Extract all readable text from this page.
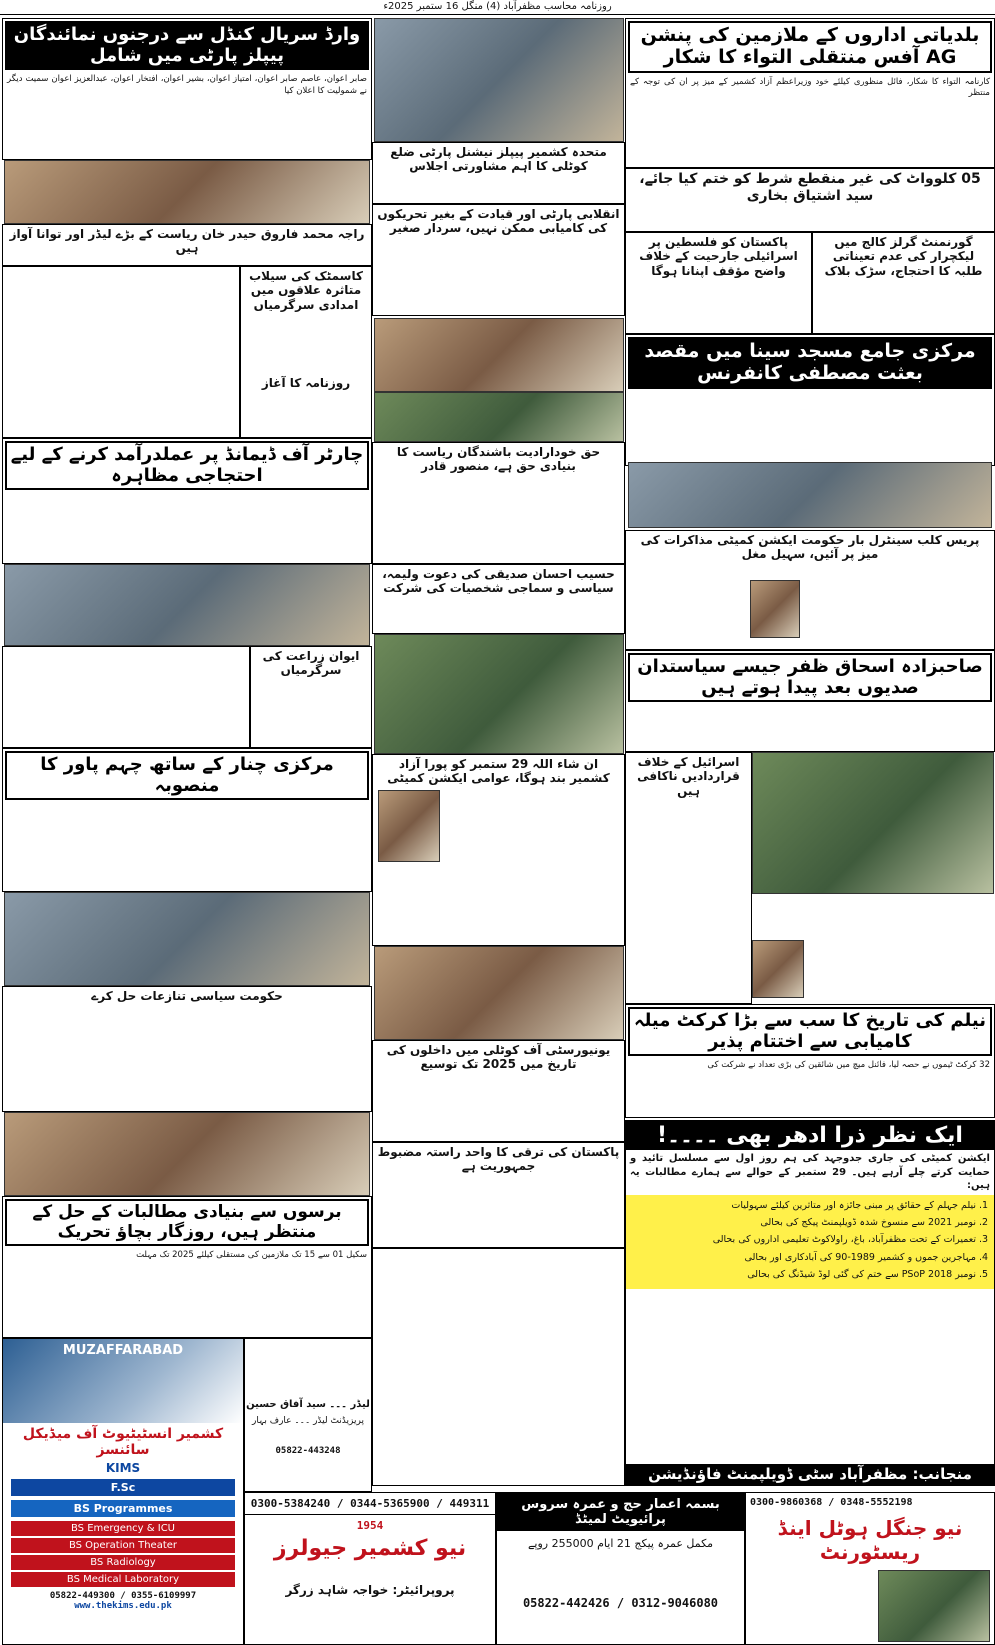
روزنامہ محاسب مظفرآباد (4) منگل 16 ستمبر 2025ء
بلدیاتی اداروں کے ملازمین کی پنشن AG آفس منتقلی التواء کا شکار
کارنامہ التواء کا شکار، فائل منظوری کیلئے خود وزیراعظم آزاد کشمیر کے میز پر ان کی توجہ کے منتظر
05 کلوواٹ کی غیر منقطع شرط کو ختم کیا جائے، سید اشتیاق بخاری
گورنمنٹ گرلز کالج میں لیکچرار کی عدم تعیناتی طلبہ کا احتجاج، سڑک بلاک
پاکستان کو فلسطین پر اسرائیلی جارحیت کے خلاف واضح مؤقف اپنانا ہوگا
مرکزی جامع مسجد سینا میں مقصد بعثت مصطفی کانفرنس
پریس کلب سینٹرل بار حکومت ایکشن کمیٹی مذاکرات کی میز پر آئیں، سہیل مغل
صاحبزادہ اسحاق ظفر جیسے سیاستدان صدیوں بعد پیدا ہوتے ہیں
اسرائیل کے خلاف قراردادیں ناکافی ہیں
نیلم کی تاریخ کا سب سے بڑا کرکٹ میلہ کامیابی سے اختتام پذیر
32 کرکٹ ٹیموں نے حصہ لیا، فائنل میچ میں شائقین کی بڑی تعداد نے شرکت کی
ایک نظر ذرا ادھر بھی ۔۔۔۔!
ایکشن کمیٹی کی جاری جدوجہد کی ہم روز اول سے مسلسل تائید و حمایت کرتے چلے آرہے ہیں۔ 29 ستمبر کے حوالے سے ہمارے مطالبات یہ ہیں:
1. نیلم جہلم کے حقائق پر مبنی جائزہ اور متاثرین کیلئے سہولیات
2. نومبر 2021 سے منسوخ شدہ ڈویلپمنٹ پیکج کی بحالی
3. تعمیرات کے تحت مظفرآباد، باغ، راولاکوٹ تعلیمی اداروں کی بحالی
4. مہاجرین جموں و کشمیر 1989-90 کی آبادکاری اور بحالی
5. نومبر 2018 PSoP سے ختم کی گئی لوڈ شیڈنگ کی بحالی
منجانب: مظفرآباد سٹی ڈویلپمنٹ فاؤنڈیشن
متحدہ کشمیر پیپلز نیشنل پارٹی ضلع کوٹلی کا اہم مشاورتی اجلاس
انقلابی پارٹی اور قیادت کے بغیر تحریکوں کی کامیابی ممکن نہیں، سردار صغیر
حق خودارادیت باشندگان ریاست کا بنیادی حق ہے، منصور قادر
حسیب احسان صدیقی کی دعوت ولیمہ، سیاسی و سماجی شخصیات کی شرکت
ان شاء اللہ 29 ستمبر کو پورا آزاد کشمیر بند ہوگا، عوامی ایکشن کمیٹی
یونیورسٹی آف کوٹلی میں داخلوں کی تاریخ میں 2025 تک توسیع
پاکستان کی ترقی کا واحد راستہ مضبوط جمہوریت ہے
وارڈ سریال کنڈل سے درجنوں نمائندگان پیپلز پارٹی میں شامل
صابر اعوان، عاصم صابر اعوان، امتیاز اعوان، بشیر اعوان، افتخار اعوان، عبدالعزیز اعوان سمیت دیگر نے شمولیت کا اعلان کیا
راجہ محمد فاروق حیدر خان ریاست کے بڑے لیڈر اور توانا آواز ہیں
کاسمٹک کی سیلاب متاثرہ علاقوں میں امدادی سرگرمیاں
روزنامہ کا آغاز
چارٹر آف ڈیمانڈ پر عملدرآمد کرنے کے لیے احتجاجی مظاہرہ
ایوان زراعت کی سرگرمیاں
مرکزی چنار کے ساتھ چہم پاور کا منصوبہ
حکومت سیاسی تنازعات حل کرے
برسوں سے بنیادی مطالبات کے حل کے منتظر ہیں، روزگار بچاؤ تحریک
سکیل 01 سے 15 تک ملازمین کی مستقلی کیلئے 2025 تک مہلت
MUZAFFARABAD
کشمیر انسٹیٹیوٹ آف میڈیکل سائنسز
KIMS
F.Sc
BS Programmes
BS Emergency & ICU
BS Operation Theater
BS Radiology
BS Medical Laboratory
05822-449300 / 0355-6109997
www.thekims.edu.pk
لیڈر ۔۔۔ سید آفاق حسین
پریزیڈنٹ لیڈر ۔۔۔ عارف بہار
05822-443248
0300-5384240 / 0344-5365900 / 449311
1954
نیو کشمیر جیولرز
پروپرائیٹر: خواجہ شاہد زرگر
بسمہ اعمار حج و عمرہ سروس پرائیویٹ لمیٹڈ
مکمل عمرہ پیکج 21 ایام 255000 روپے
05822-442426 / 0312-9046080
0300-9860368 / 0348-5552198
نیو جنگل ہوٹل اینڈ ریسٹورنٹ
